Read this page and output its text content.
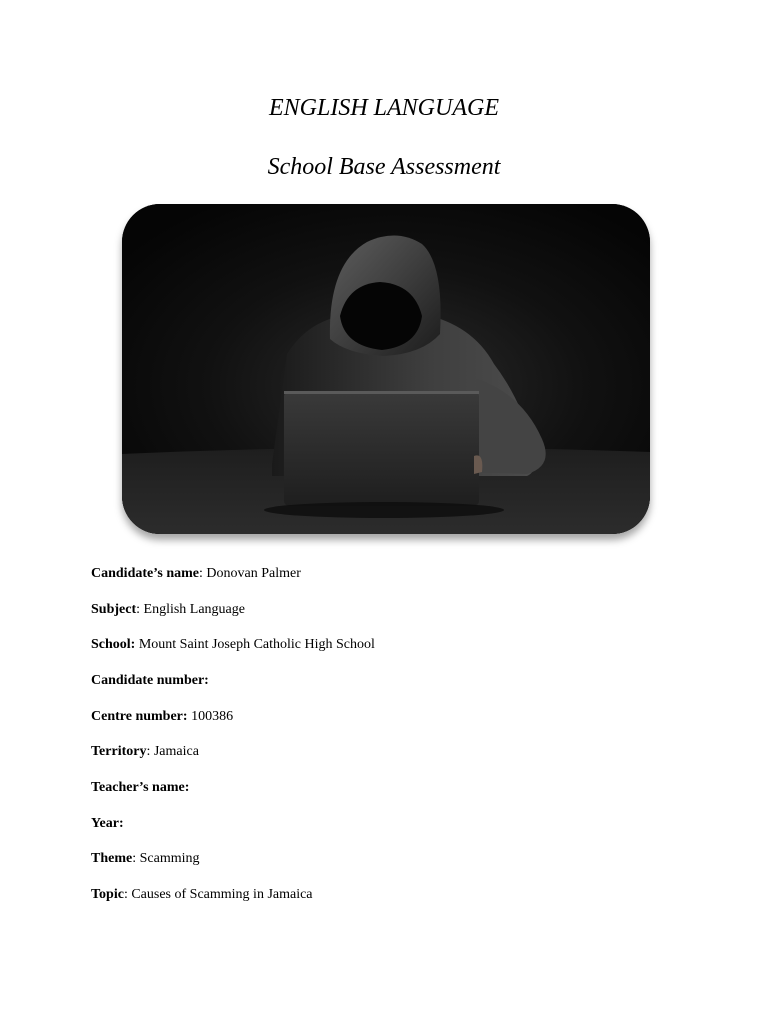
ENGLISH LANGUAGE
School Base Assessment
Candidate’s name: Donovan Palmer
Subject: English Language
School: Mount Saint Joseph Catholic High School
Candidate number:
Centre number: 100386
Territory: Jamaica
Teacher’s name:
Year:
Theme: Scamming
Topic: Causes of Scamming in Jamaica
